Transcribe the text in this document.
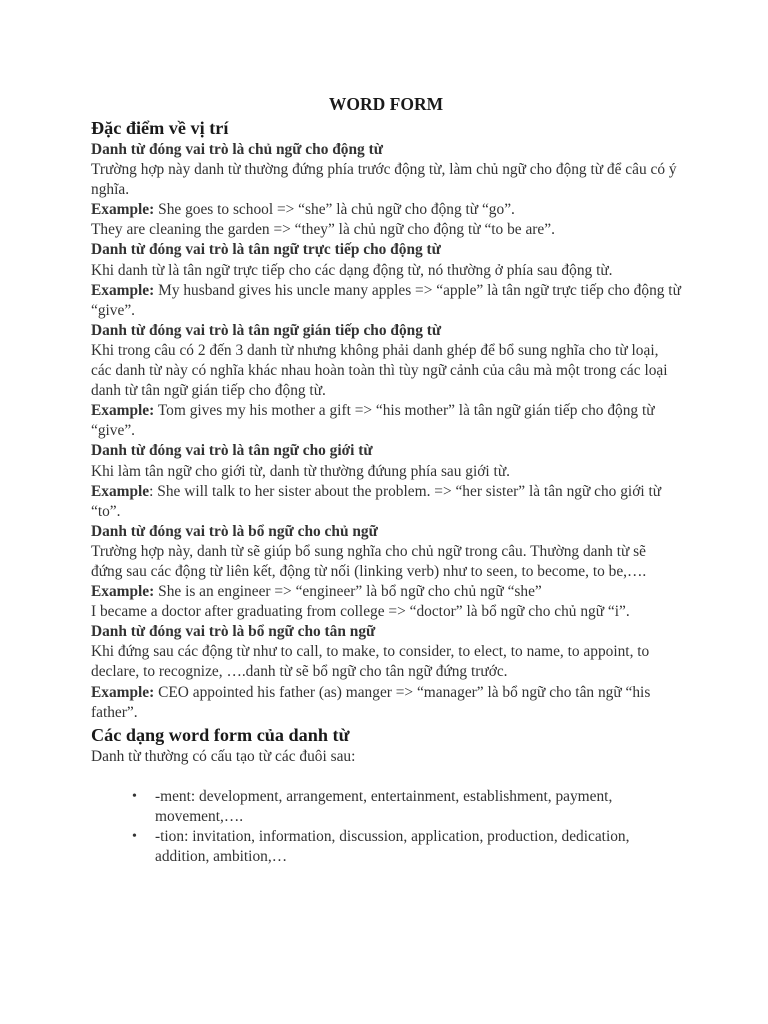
WORD FORM
Đặc điểm về vị trí
Danh từ đóng vai trò là chủ ngữ cho động từ

Trường hợp này danh từ thường đứng phía trước động từ, làm chủ ngữ cho động từ để câu có ý nghĩa.

Example: She goes to school => “she” là chủ ngữ cho động từ “go”.

They are cleaning the garden => “they” là chủ ngữ cho động từ “to be are”.

Danh từ đóng vai trò là tân ngữ trực tiếp cho động từ

Khi danh từ là tân ngữ trực tiếp cho các dạng động từ, nó thường ở phía sau động từ.

Example: My husband gives his uncle many apples => “apple” là tân ngữ trực tiếp cho động từ “give”.

Danh từ đóng vai trò là tân ngữ gián tiếp cho động từ

Khi trong câu có 2 đến 3 danh từ nhưng không phải danh ghép để bổ sung nghĩa cho từ loại, các danh từ này có nghĩa khác nhau hoàn toàn thì tùy ngữ cảnh của câu mà một trong các loại danh từ tân ngữ gián tiếp cho động từ.

Example: Tom gives my his mother a gift => “his mother” là tân ngữ gián tiếp cho động từ “give”.

Danh từ đóng vai trò là tân ngữ cho giới từ

Khi làm tân ngữ cho giới từ, danh từ thường đứung phía sau giới từ.

Example: She will talk to her sister about the problem. => “her sister” là tân ngữ cho giới từ “to”.

Danh từ đóng vai trò là bổ ngữ cho chủ ngữ

Trường hợp này, danh từ sẽ giúp bổ sung nghĩa cho chủ ngữ trong câu. Thường danh từ sẽ đứng sau các động từ liên kết, động từ nối (linking verb) như to seen, to become, to be,….

Example: She is an engineer => “engineer” là bổ ngữ cho chủ ngữ “she”

I became a doctor after graduating from college => “doctor” là bổ ngữ cho chủ ngữ “i”.

Danh từ đóng vai trò là bổ ngữ cho tân ngữ

Khi đứng sau các động từ như to call, to make, to consider, to elect, to name, to appoint, to declare, to recognize, ….danh từ sẽ bổ ngữ cho tân ngữ đứng trước.

Example: CEO appointed his father (as) manger => “manager” là bổ ngữ cho tân ngữ “his father”.

Các dạng word form của danh từ

Danh từ thường có cấu tạo từ các đuôi sau:

• -ment: development, arrangement, entertainment, establishment, payment, movement,….
• -tion: invitation, information, discussion, application, production, dedication, addition, ambition,…
